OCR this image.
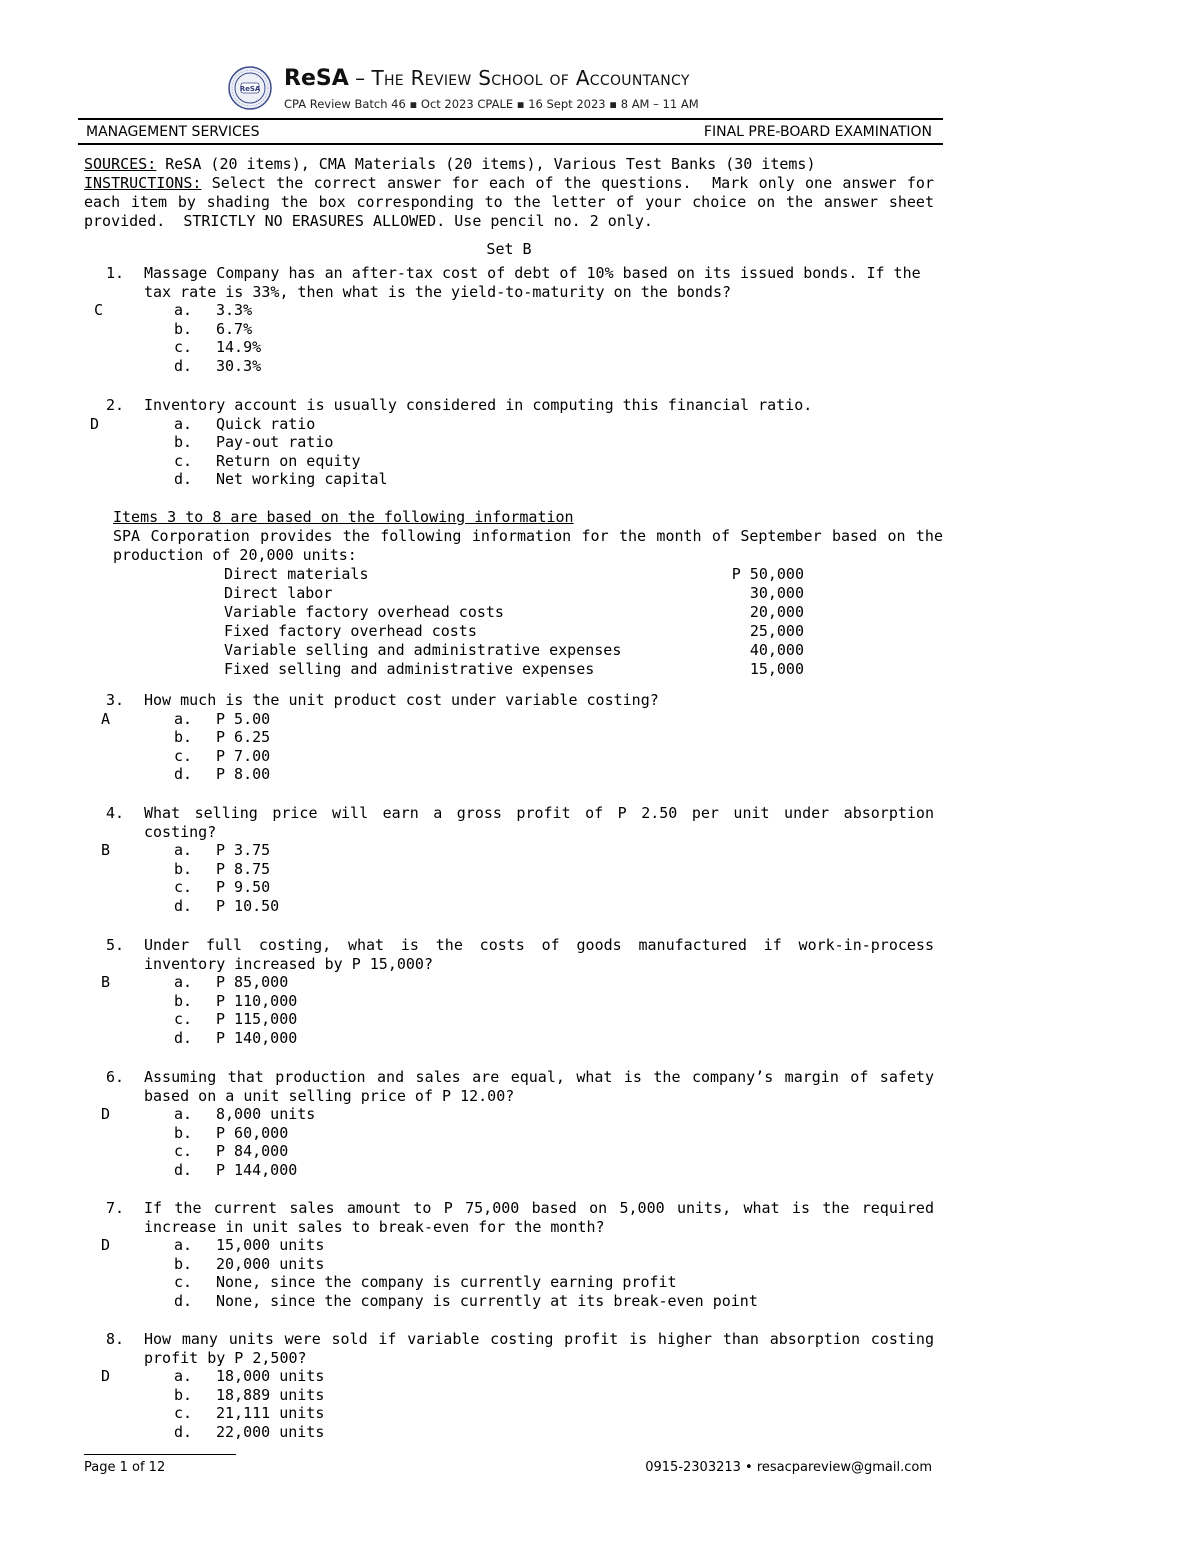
ReSA ReSA – The Review School of Accountancy
CPA Review Batch 46 ▪ Oct 2023 CPALE ▪ 16 Sept 2023 ▪ 8 AM – 11 AM
MANAGEMENT SERVICES	FINAL PRE-BOARD EXAMINATION
SOURCES: ReSA (20 items), CMA Materials (20 items), Various Test Banks (30 items)
INSTRUCTIONS: Select the correct answer for each of the questions.  Mark only one answer for each item by shading the box corresponding to the letter of your choice on the answer sheet provided.  STRICTLY NO ERASURES ALLOWED. Use pencil no. 2 only.
Set B
1.	Massage Company has an after-tax cost of debt of 10% based on its issued bonds. If the tax rate is 33%, then what is the yield-to-maturity on the bonds?
C	a.	3.3%
b.	6.7%
c.	14.9%
d.	30.3%
2.	Inventory account is usually considered in computing this financial ratio.
D	a.	Quick ratio
b.	Pay-out ratio
c.	Return on equity
d.	Net working capital
Items 3 to 8 are based on the following information
SPA Corporation provides the following information for the month of September based on the production of 20,000 units:
Direct materials	P 50,000
Direct labor	30,000
Variable factory overhead costs	20,000
Fixed factory overhead costs	25,000
Variable selling and administrative expenses	40,000
Fixed selling and administrative expenses	15,000
3.	How much is the unit product cost under variable costing?
A	a.	P 5.00
b.	P 6.25
c.	P 7.00
d.	P 8.00
4.	What selling price will earn a gross profit of P 2.50 per unit under absorption costing?
B	a.	P 3.75
b.	P 8.75
c.	P 9.50
d.	P 10.50
5.	Under full costing, what is the costs of goods manufactured if work-in-process inventory increased by P 15,000?
B	a.	P 85,000
b.	P 110,000
c.	P 115,000
d.	P 140,000
6.	Assuming that production and sales are equal, what is the company’s margin of safety based on a unit selling price of P 12.00?
D	a.	8,000 units
b.	P 60,000
c.	P 84,000
d.	P 144,000
7.	If the current sales amount to P 75,000 based on 5,000 units, what is the required increase in unit sales to break-even for the month?
D	a.	15,000 units
b.	20,000 units
c.	None, since the company is currently earning profit
d.	None, since the company is currently at its break-even point
8.	How many units were sold if variable costing profit is higher than absorption costing profit by P 2,500?
D	a.	18,000 units
b.	18,889 units
c.	21,111 units
d.	22,000 units
Page 1 of 12	0915-2303213 • resacpareview@gmail.com
